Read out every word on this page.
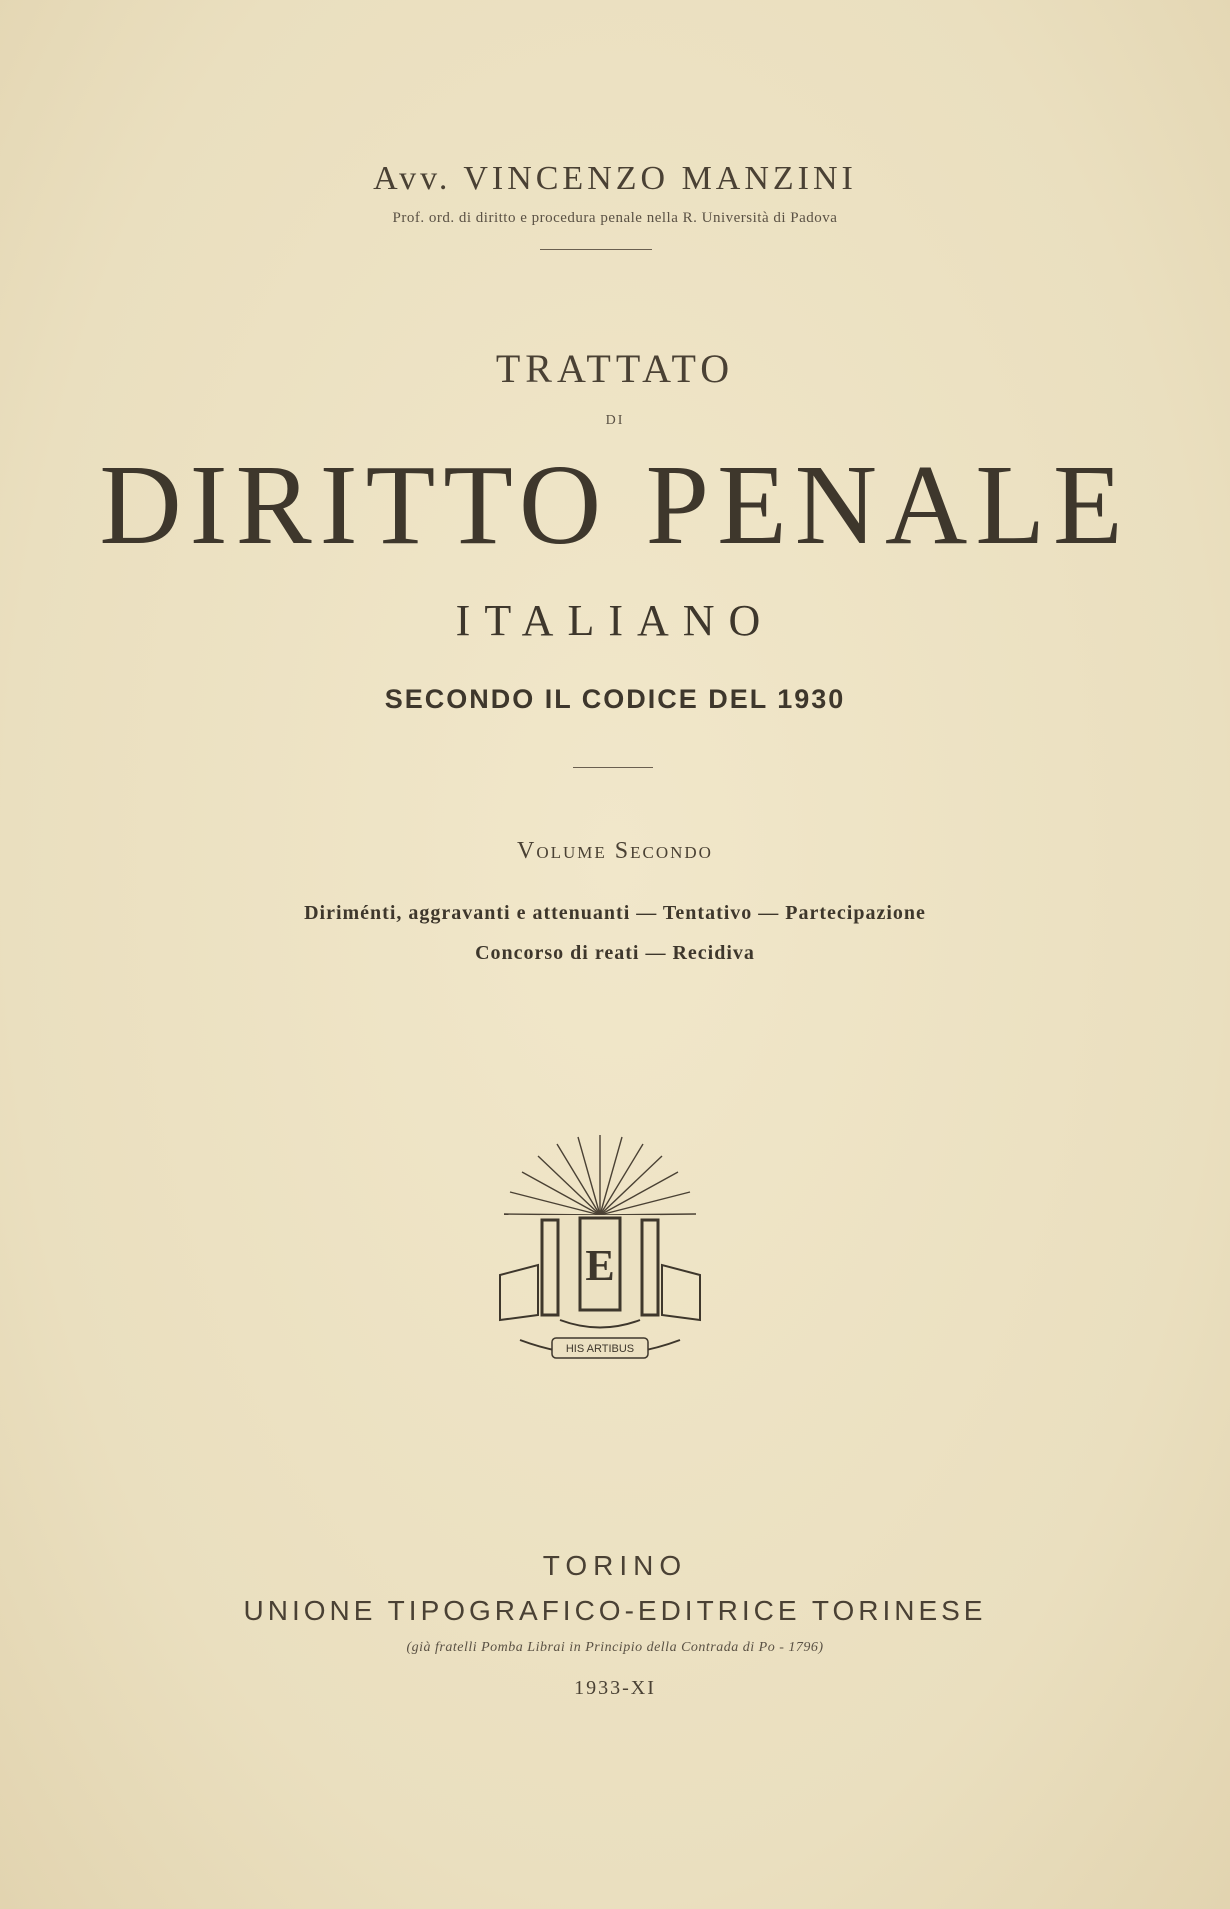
Avv. VINCENZO MANZINI
Prof. ord. di diritto e procedura penale nella R. Università di Padova
TRATTATO
DI
DIRITTO PENALE
ITALIANO
SECONDO IL CODICE DEL 1930
Volume Secondo
Diriménti, aggravanti e attenuanti — Tentativo — Partecipazione
Concorso di reati — Recidiva
E
HIS ARTIBUS
TORINO
UNIONE TIPOGRAFICO-EDITRICE TORINESE
(già fratelli Pomba Librai in Principio della Contrada di Po - 1796)
1933-XI
